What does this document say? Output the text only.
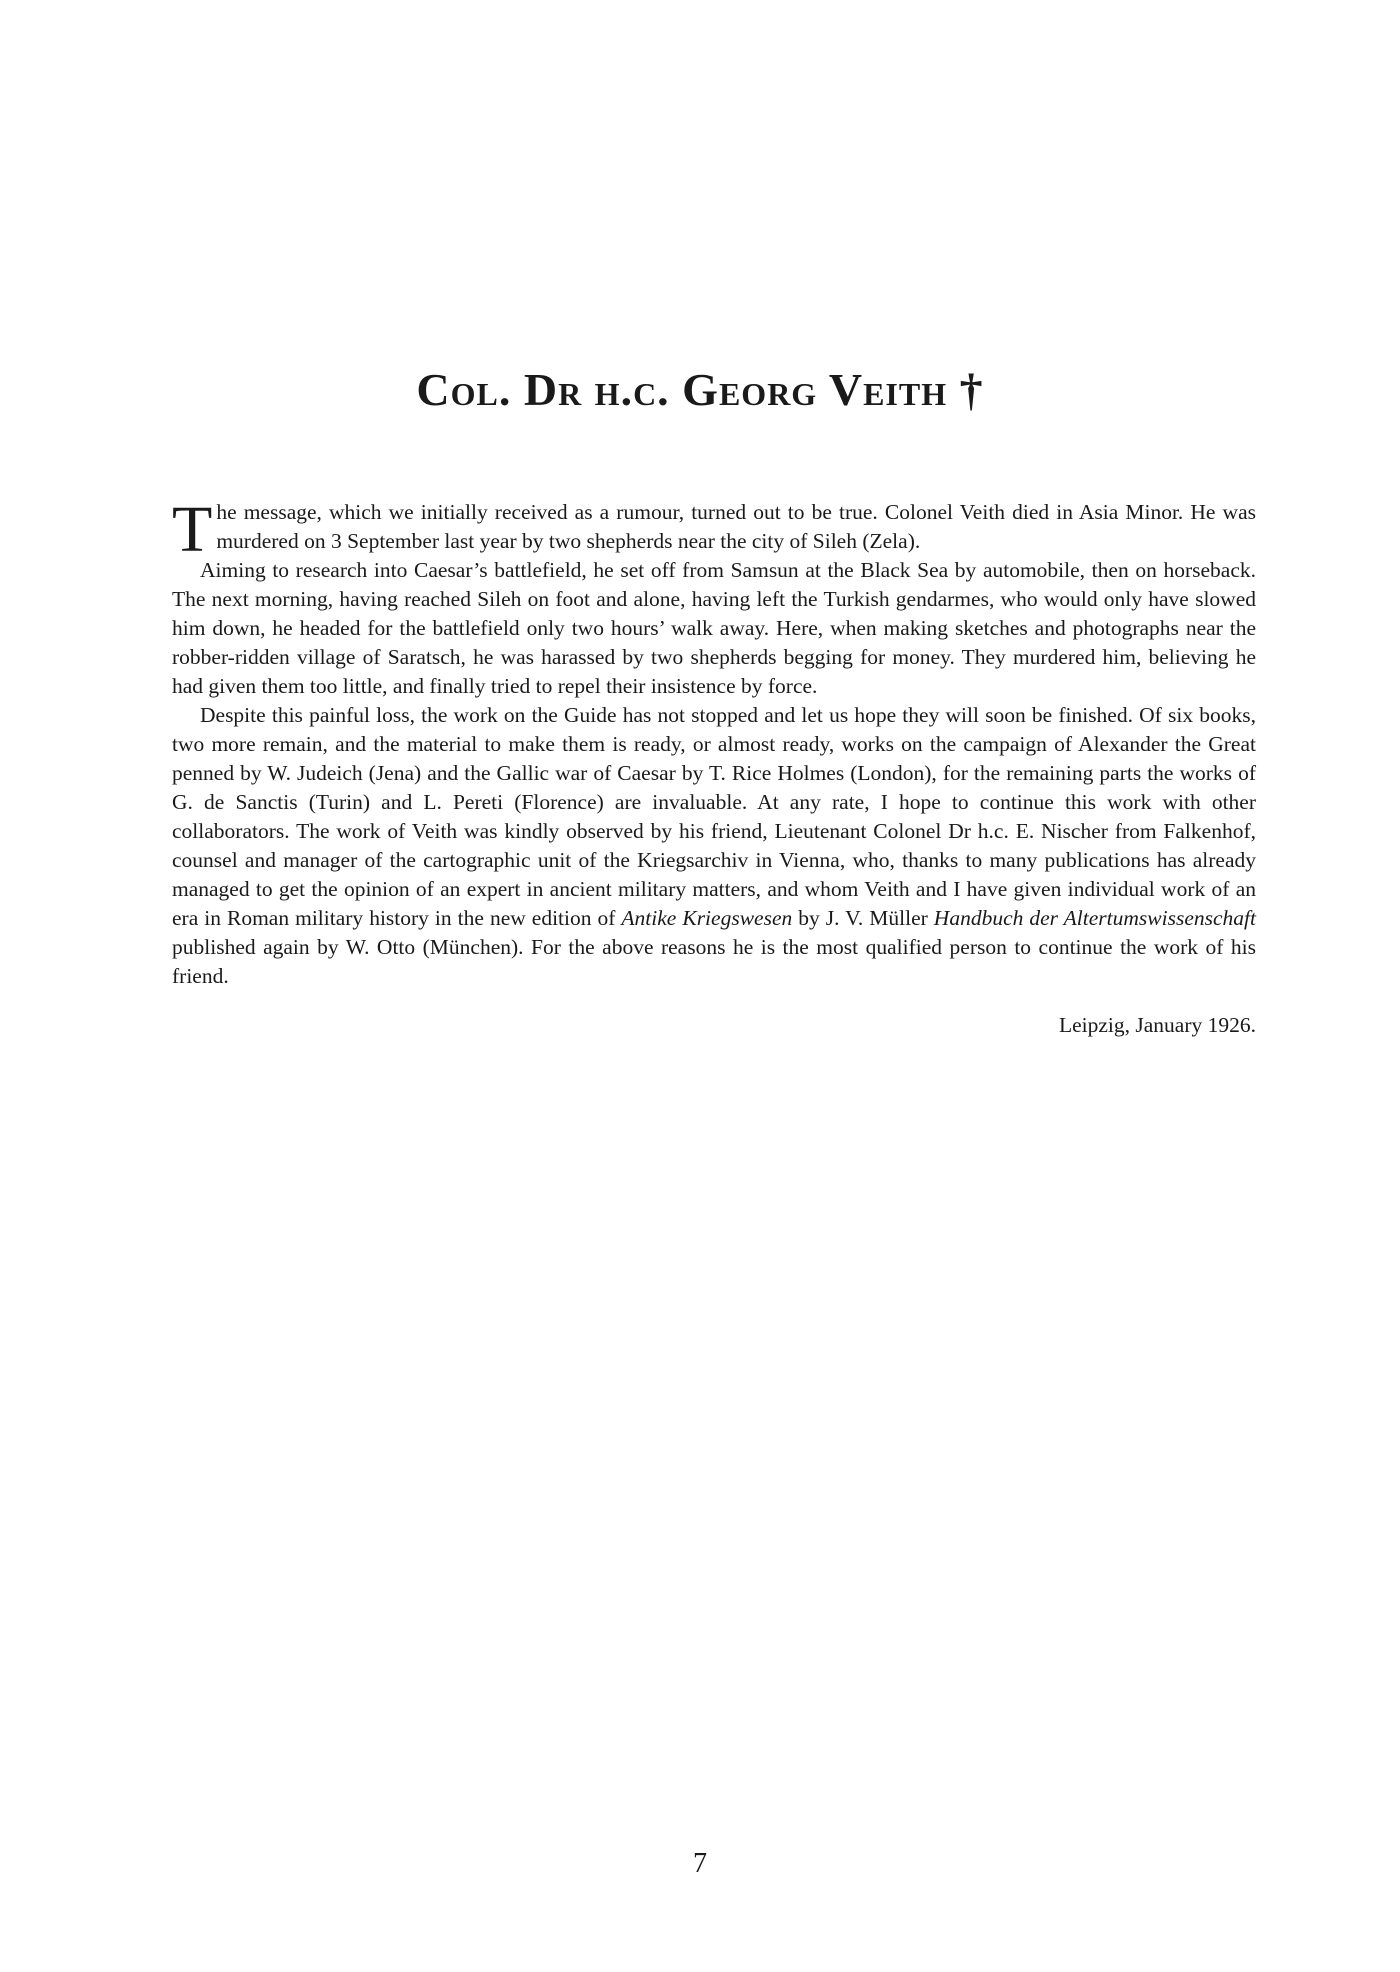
Col. Dr h.c. Georg Veith †

The message, which we initially received as a rumour, turned out to be true. Colonel Veith died in Asia Minor. He was murdered on 3 September last year by two shepherds near the city of Sileh (Zela).

Aiming to research into Caesar’s battlefield, he set off from Samsun at the Black Sea by automobile, then on horseback. The next morning, having reached Sileh on foot and alone, having left the Turkish gendarmes, who would only have slowed him down, he headed for the battlefield only two hours’ walk away. Here, when making sketches and photographs near the robber-ridden village of Saratsch, he was harassed by two shepherds begging for money. They murdered him, believing he had given them too little, and finally tried to repel their insistence by force.

Despite this painful loss, the work on the Guide has not stopped and let us hope they will soon be finished. Of six books, two more remain, and the material to make them is ready, or almost ready, works on the campaign of Alexander the Great penned by W. Judeich (Jena) and the Gallic war of Caesar by T. Rice Holmes (London), for the remaining parts the works of G. de Sanctis (Turin) and L. Pereti (Florence) are invaluable. At any rate, I hope to continue this work with other collaborators. The work of Veith was kindly observed by his friend, Lieutenant Colonel Dr h.c. E. Nischer from Falkenhof, counsel and manager of the cartographic unit of the Kriegsarchiv in Vienna, who, thanks to many publications has already managed to get the opinion of an expert in ancient military matters, and whom Veith and I have given individual work of an era in Roman military history in the new edition of Antike Kriegswesen by J. V. Müller Handbuch der Altertumswissenschaft published again by W. Otto (München). For the above reasons he is the most qualified person to continue the work of his friend.

Leipzig, January 1926.

7
